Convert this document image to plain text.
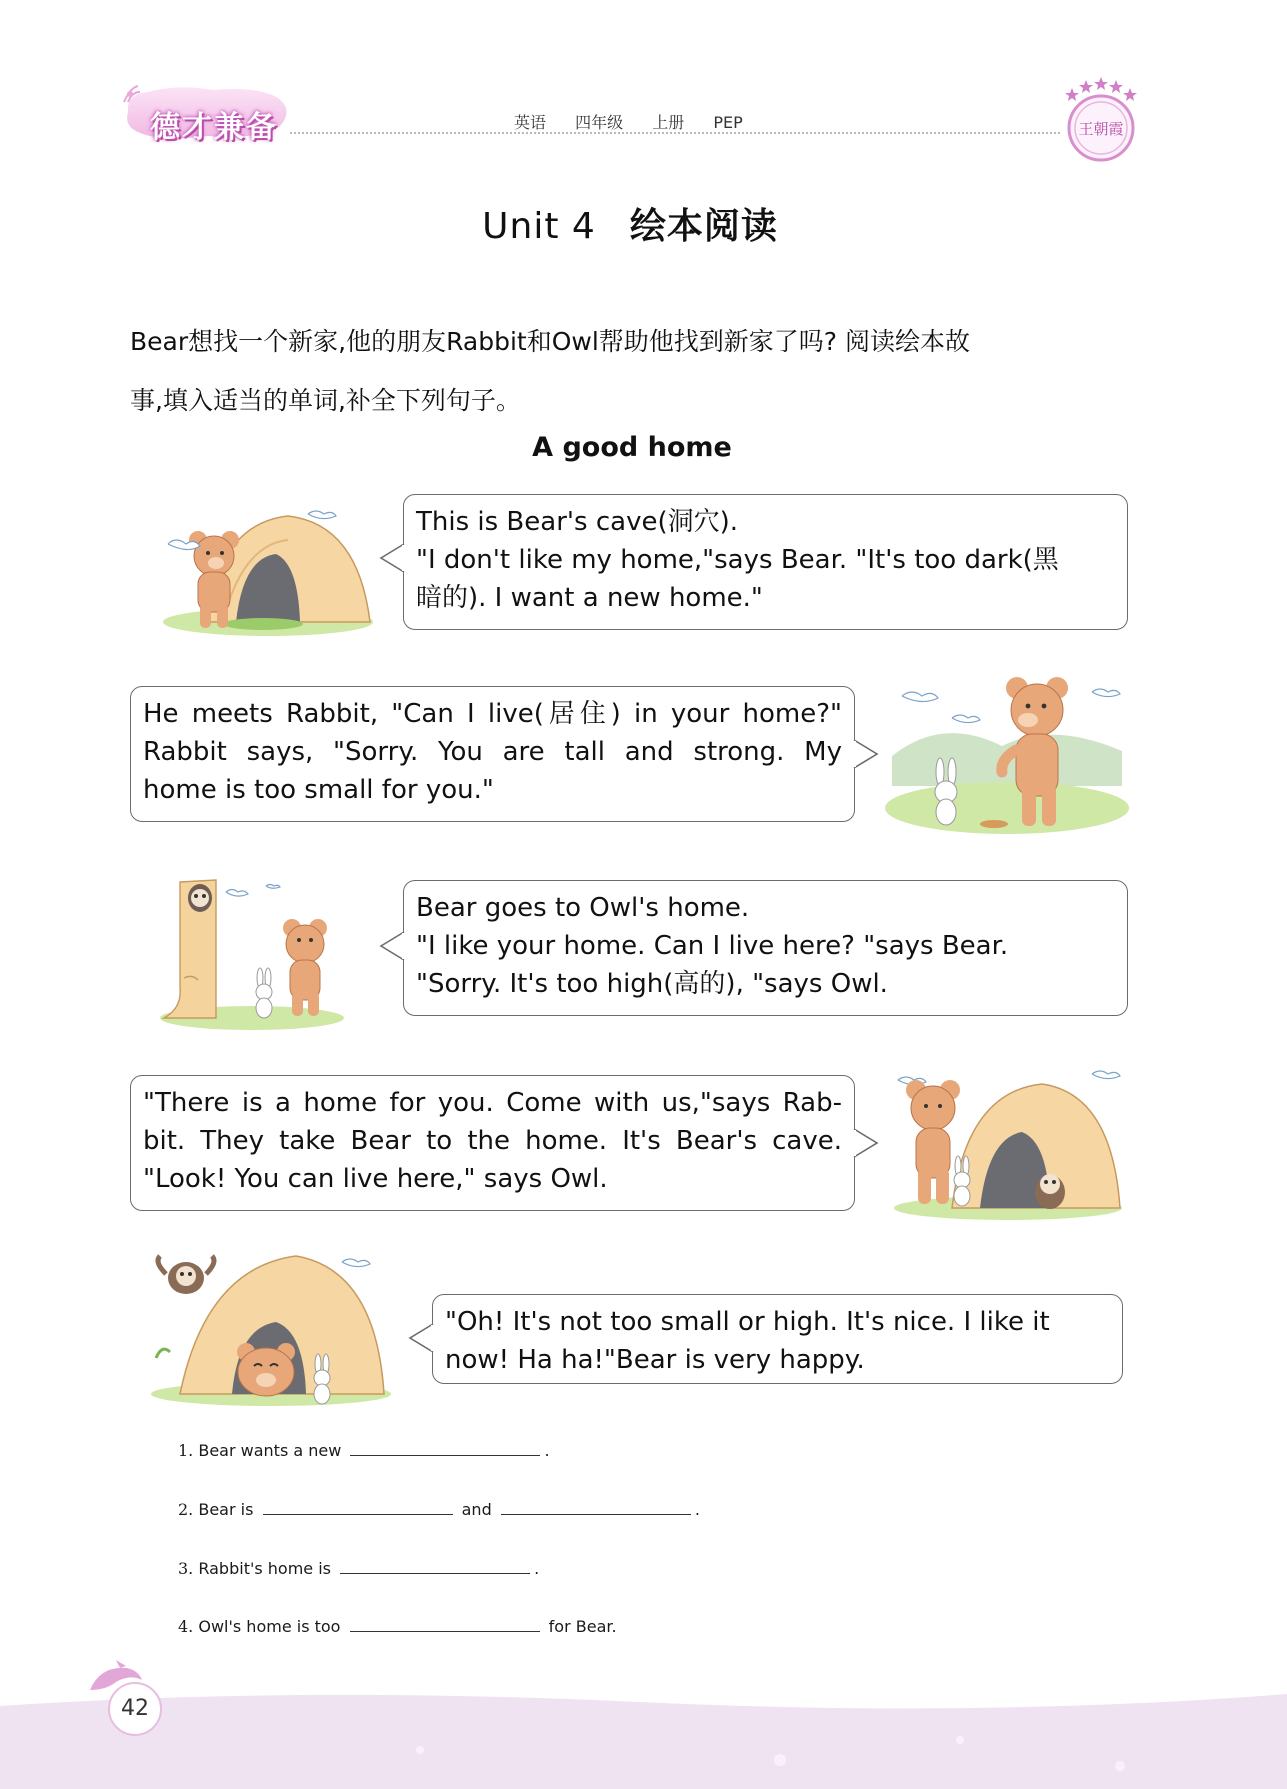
德才兼备	英语 四年级 上册 PEP	王朝霞
Unit 4 绘本阅读
Bear想找一个新家,他的朋友Rabbit和Owl帮助他找到新家了吗? 阅读绘本故
事,填入适当的单词,补全下列句子。
A good home
This is Bear's cave(洞穴).
"I don't like my home,"says Bear. "It's too dark(黑
暗的). I want a new home."
He meets Rabbit, "Can I live(居住) in your home?"
Rabbit says, "Sorry. You are tall and strong. My
home is too small for you."
Bear goes to Owl's home.
"I like your home. Can I live here? "says Bear.
"Sorry. It's too high(高的), "says Owl.
"There is a home for you. Come with us,"says Rab-
bit. They take Bear to the home. It's Bear's cave.
"Look! You can live here," says Owl.
"Oh! It's not too small or high. It's nice. I like it
now! Ha ha!"Bear is very happy.
1. Bear wants a new	.
2. Bear is	and	.
3. Rabbit's home is	.
4. Owl's home is too	for Bear.
42
